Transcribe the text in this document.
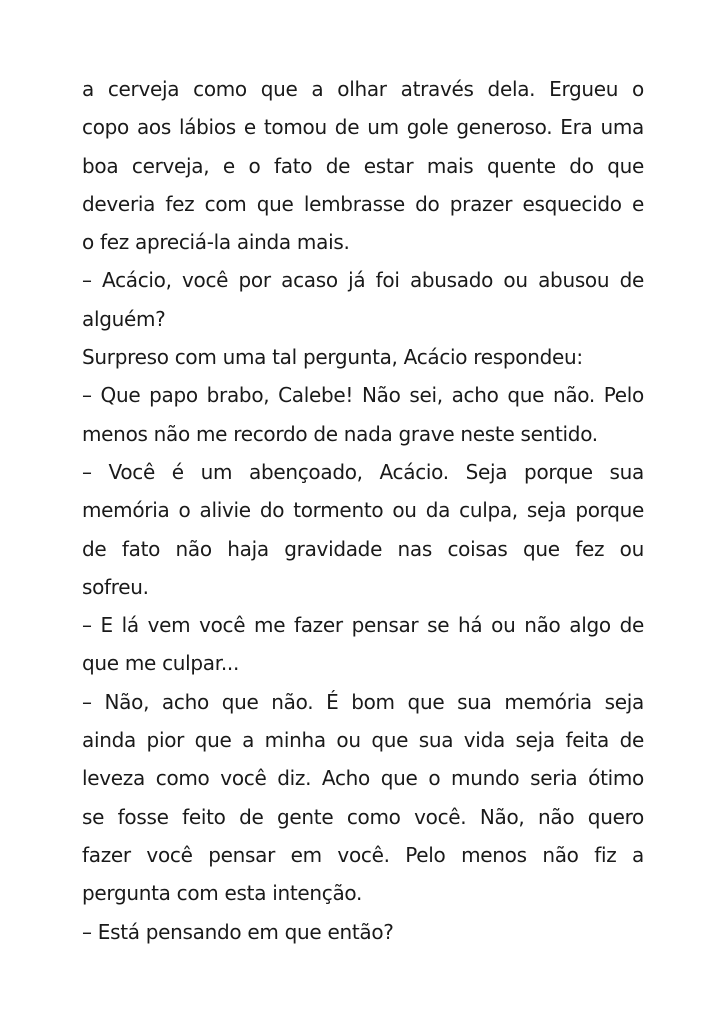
a cerveja como que a olhar através dela. Ergueu o
copo aos lábios e tomou de um gole generoso. Era uma
boa cerveja, e o fato de estar mais quente do que
deveria fez com que lembrasse do prazer esquecido e
o fez apreciá-la ainda mais.
– Acácio, você por acaso já foi abusado ou abusou de
alguém?
Surpreso com uma tal pergunta, Acácio respondeu:
– Que papo brabo, Calebe! Não sei, acho que não. Pelo
menos não me recordo de nada grave neste sentido.
– Você é um abençoado, Acácio. Seja porque sua
memória o alivie do tormento ou da culpa, seja porque
de fato não haja gravidade nas coisas que fez ou
sofreu.
– E lá vem você me fazer pensar se há ou não algo de
que me culpar...
– Não, acho que não. É bom que sua memória seja
ainda pior que a minha ou que sua vida seja feita de
leveza como você diz. Acho que o mundo seria ótimo
se fosse feito de gente como você. Não, não quero
fazer você pensar em você. Pelo menos não fiz a
pergunta com esta intenção.
– Está pensando em que então?
